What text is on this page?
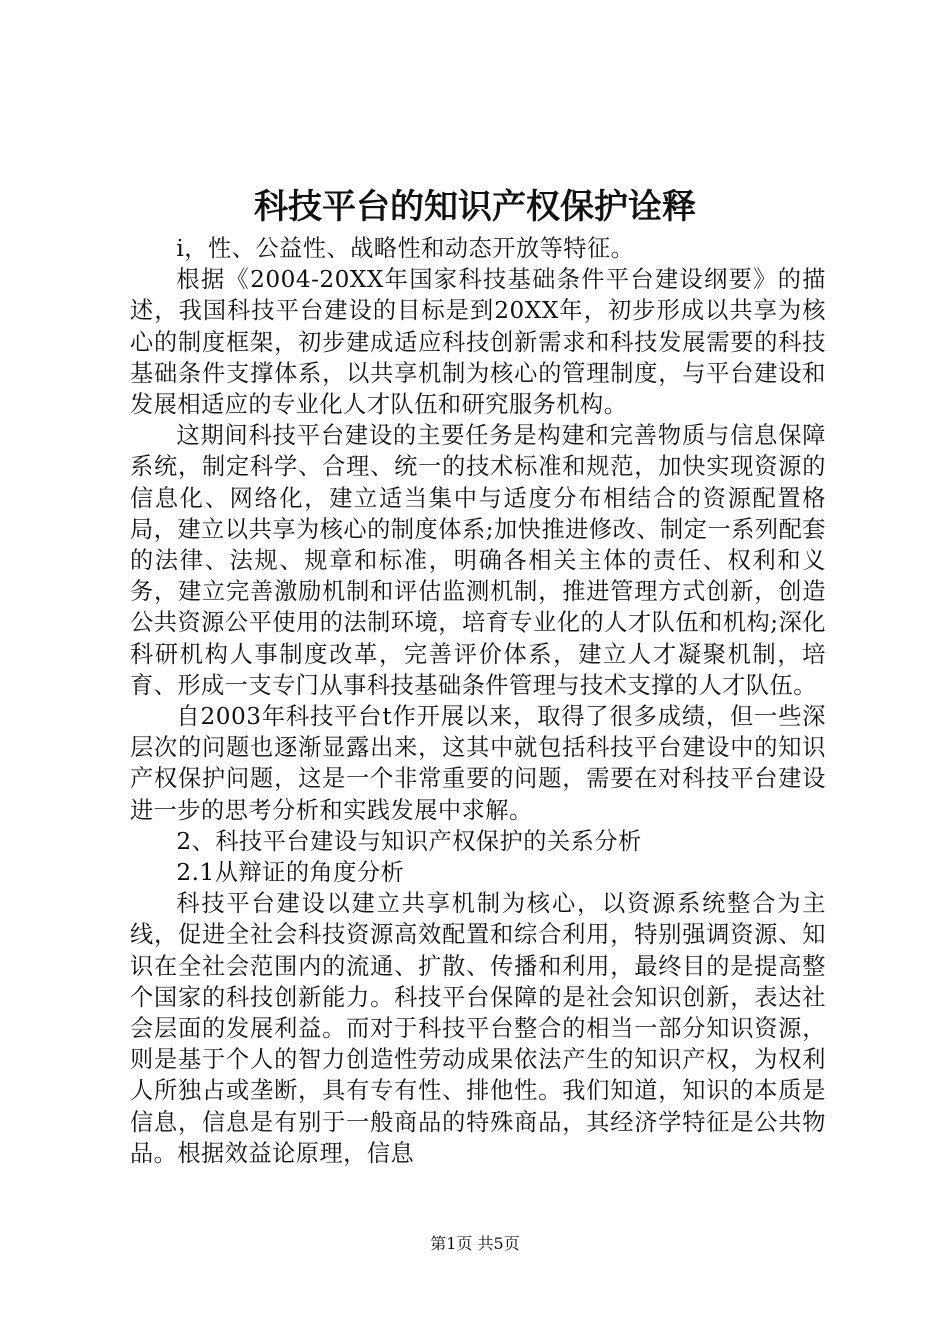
科技平台的知识产权保护诠释

i，性、公益性、战略性和动态开放等特征。

根据《2004-20XX年国家科技基础条件平台建设纲要》的描述，我国科技平台建设的目标是到20XX年，初步形成以共享为核心的制度框架，初步建成适应科技创新需求和科技发展需要的科技基础条件支撑体系，以共享机制为核心的管理制度，与平台建设和发展相适应的专业化人才队伍和研究服务机构。

这期间科技平台建设的主要任务是构建和完善物质与信息保障系统，制定科学、合理、统一的技术标准和规范，加快实现资源的信息化、网络化，建立适当集中与适度分布相结合的资源配置格局，建立以共享为核心的制度体系;加快推进修改、制定一系列配套的法律、法规、规章和标准，明确各相关主体的责任、权利和义务，建立完善激励机制和评估监测机制，推进管理方式创新，创造公共资源公平使用的法制环境，培育专业化的人才队伍和机构;深化科研机构人事制度改革，完善评价体系，建立人才凝聚机制，培育、形成一支专门从事科技基础条件管理与技术支撑的人才队伍。

自2003年科技平台t作开展以来，取得了很多成绩，但一些深层次的问题也逐渐显露出来，这其中就包括科技平台建设中的知识产权保护问题，这是一个非常重要的问题，需要在对科技平台建设进一步的思考分析和实践发展中求解。

2、科技平台建设与知识产权保护的关系分析

2.1从辩证的角度分析

科技平台建设以建立共享机制为核心，以资源系统整合为主线，促进全社会科技资源高效配置和综合利用，特别强调资源、知识在全社会范围内的流通、扩散、传播和利用，最终目的是提高整个国家的科技创新能力。科技平台保障的是社会知识创新，表达社会层面的发展利益。而对于科技平台整合的相当一部分知识资源，则是基于个人的智力创造性劳动成果依法产生的知识产权，为权利人所独占或垄断，具有专有性、排他性。我们知道，知识的本质是信息，信息是有别于一般商品的特殊商品，其经济学特征是公共物品。根据效益论原理，信息

第1页 共5页
